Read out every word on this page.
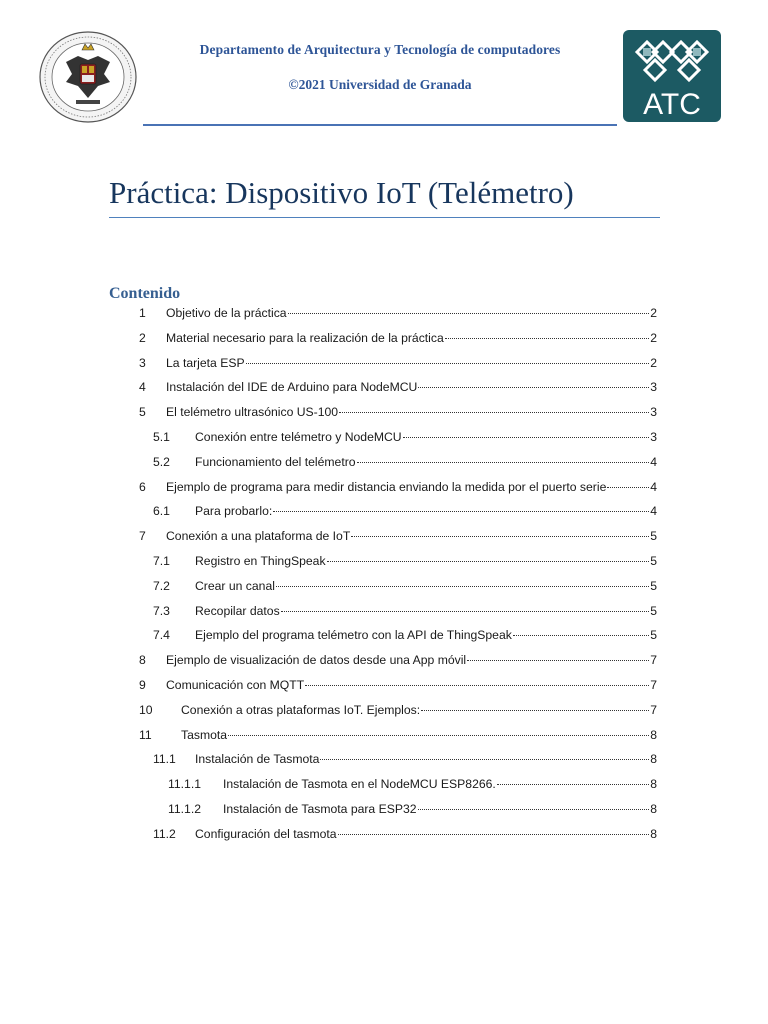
Departamento de Arquitectura y Tecnología de computadores
©2021 Universidad de Granada
ATC
Práctica: Dispositivo IoT (Telémetro)
Contenido
1	Objetivo de la práctica	2
2	Material necesario para la realización de la práctica	2
3	La tarjeta ESP	2
4	Instalación del IDE de Arduino para NodeMCU	3
5	El telémetro ultrasónico US-100	3
5.1	Conexión entre telémetro y NodeMCU	3
5.2	Funcionamiento del telémetro	4
6	Ejemplo de programa para medir distancia enviando la medida por el puerto serie	4
6.1	Para probarlo:	4
7	Conexión a una plataforma de IoT	5
7.1	Registro en ThingSpeak	5
7.2	Crear un canal	5
7.3	Recopilar datos	5
7.4	Ejemplo del programa telémetro con la API de ThingSpeak	5
8	Ejemplo de visualización de datos desde una App móvil	7
9	Comunicación con MQTT	7
10	Conexión a otras plataformas IoT. Ejemplos:	7
11	Tasmota	8
11.1	Instalación de Tasmota	8
11.1.1	Instalación de Tasmota en el NodeMCU ESP8266.	8
11.1.2	Instalación de Tasmota para ESP32	8
11.2	Configuración del tasmota	8
